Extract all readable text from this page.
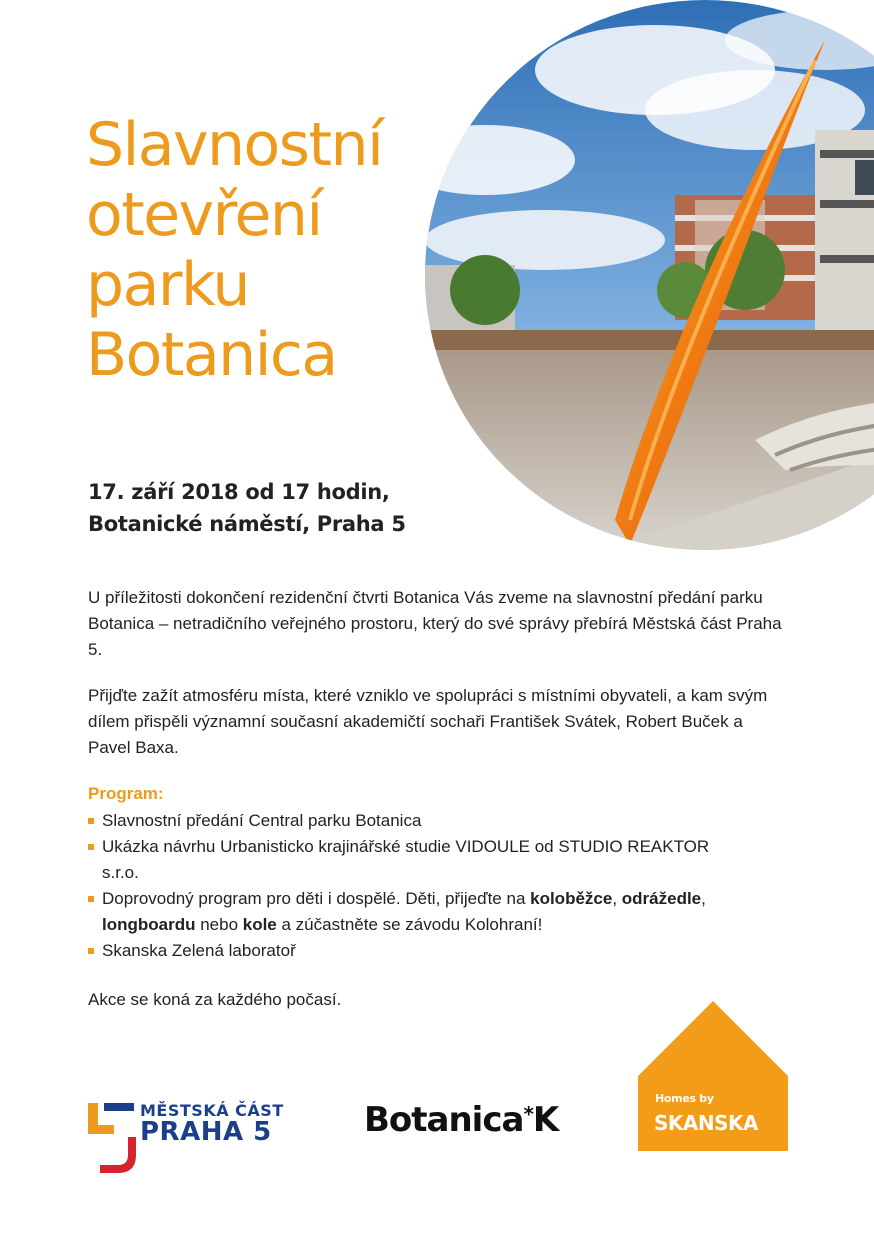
Slavnostní
otevření
parku
Botanica
17. září 2018 od 17 hodin,
Botanické náměstí, Praha 5
U příležitosti dokončení rezidenční čtvrti Botanica Vás zveme na slavnostní předání parku Botanica – netradičního veřejného prostoru, který do své správy přebírá Městská část Praha 5.
Přijďte zažít atmosféru místa, které vzniklo ve spolupráci s místními obyvateli, a kam svým dílem přispěli významní současní akademičtí sochaři František Svátek, Robert Buček a Pavel Baxa.
Program:
Slavnostní předání Central parku Botanica
Ukázka návrhu Urbanisticko krajinářské studie VIDOULE od STUDIO REAKTOR s.r.o.
Doprovodný program pro děti i dospělé. Děti, přijeďte na koloběžce, odrážedle, longboardu nebo kole a zúčastněte se závodu Kolohraní!
Skanska Zelená laboratoř
Akce se koná za každého počasí.
MĚSTSKÁ ČÁST
PRAHA 5	Botanica*K
Homes by
SKANSKA
